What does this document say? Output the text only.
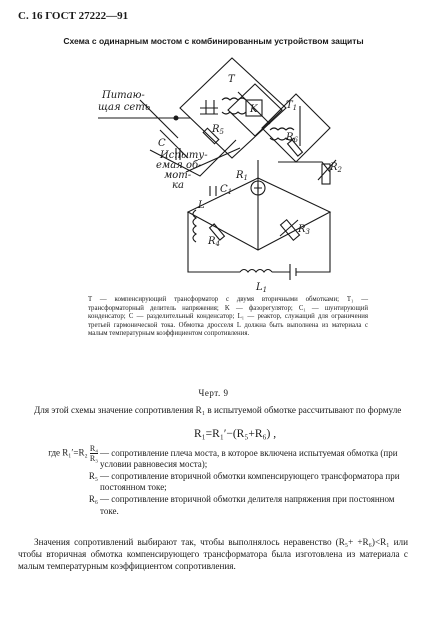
С. 16 ГОСТ 27222—91
Схема с одинарным мостом с комбинированным устройством защиты
Питаю-
щая сеть
C
Испыту-
емая об-
мот-
ка
T
K	$T_1$
$R_5$	$R_6$
$R_2$
$R_1$
$C_1$
$R_3$
L
$R_4$
$L_1$
T — компенсирующий трансформатор с двумя вторичными обмотками; T₁ — трансформаторный делитель напряжения; K — фазорегулятор; C₁ — шунтирующий конденсатор; C — разделительный конденсатор; L₁ — реактор, служащий для ограничения третьей гармонической тока. Обмотка дросселя L должна быть выполнена из материала с малым температурным коэффициентом сопротивления.
Черт. 9
Для этой схемы значение сопротивления R₁ в испытуемой обмотке рассчитывают по формуле
R₁=R₁′−(R₅+R₆) ,
где $R_1'=R_2 \frac{\text{R₄}}{\text{R₃}}$ — сопротивление плеча моста, в которое включена испытуемая обмотка (при условии равновесия моста);
R₅ — сопротивление вторичной обмотки компенсирующего трансформатора при постоянном токе;
R₆ — сопротивление вторичной обмотки делителя напряжения при постоянном токе.
Значения сопротивлений выбирают так, чтобы выполнялось неравенство (R₅+ +R₆)<R₁ или чтобы вторичная обмотка компенсирующего трансформатора была изготовлена из материала с малым температурным коэффициентом сопротивления.
